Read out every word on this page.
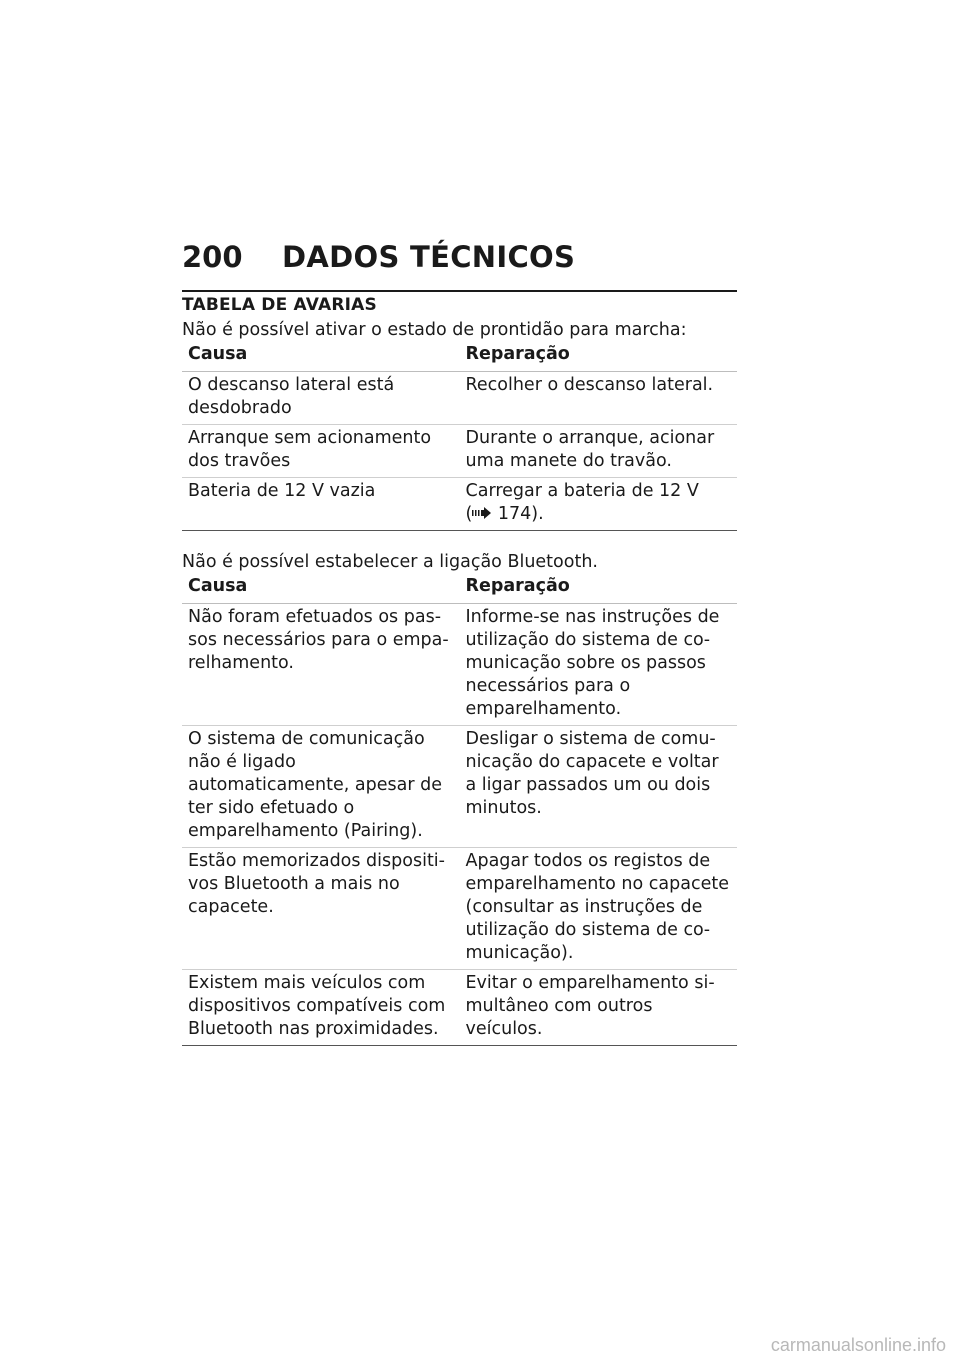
200	DADOS TÉCNICOS
TABELA DE AVARIAS
Não é possível ativar o estado de prontidão para marcha:
Causa	Reparação
O descanso lateral está desdobrado	Recolher o descanso lateral.
Arranque sem acionamento dos travões	Durante o arranque, acionar uma manete do travão.
Bateria de 12 V vazia	Carregar a bateria de 12 V
( 174).
Não é possível estabelecer a ligação Bluetooth.
Causa	Reparação
Não foram efetuados os passos necessários para o emparelhamento.	Informe-se nas instruções de utilização do sistema de comunicação sobre os passos necessários para o emparelhamento.
O sistema de comunicação não é ligado automaticamente, apesar de ter sido efetuado o emparelhamento (Pairing).	Desligar o sistema de comunicação do capacete e voltar a ligar passados um ou dois minutos.
Estão memorizados dispositivos Bluetooth a mais no capacete.	Apagar todos os registos de emparelhamento no capacete (consultar as instruções de utilização do sistema de comunicação).
Existem mais veículos com dispositivos compatíveis com Bluetooth nas proximidades.	Evitar o emparelhamento simultâneo com outros veículos.
carmanualsonline.info
